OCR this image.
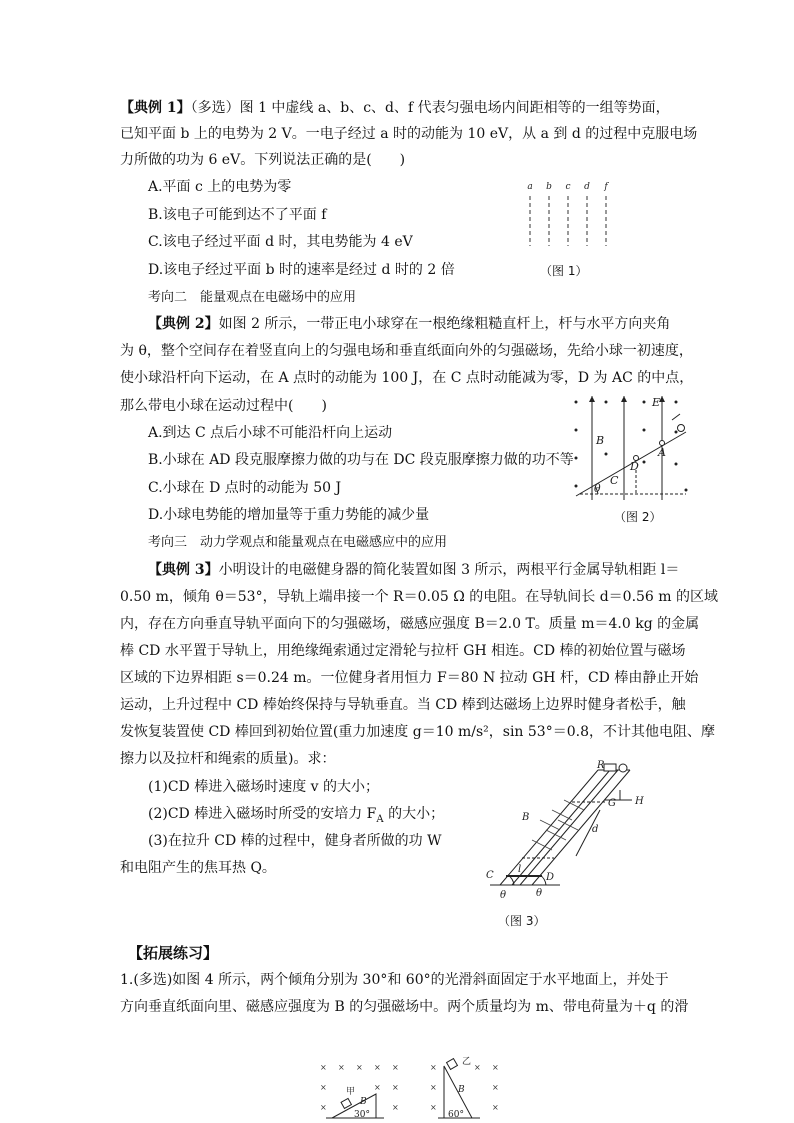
【典例 1】（多选）图 1 中虚线 a、b、c、d、f 代表匀强电场内间距相等的一组等势面，
已知平面 b 上的电势为 2 V。一电子经过 a 时的动能为 10 eV，从 a 到 d 的过程中克服电场
力所做的功为 6 eV。下列说法正确的是(　　)
A.平面 c 上的电势为零
B.该电子可能到达不了平面 f
C.该电子经过平面 d 时，其电势能为 4 eV
D.该电子经过平面 b 时的速率是经过 d 时的 2 倍
a b c d f
（图 1）
考向二　能量观点在电磁场中的应用
【典例 2】如图 2 所示，一带正电小球穿在一根绝缘粗糙直杆上，杆与水平方向夹角
为 θ，整个空间存在着竖直向上的匀强电场和垂直纸面向外的匀强磁场，先给小球一初速度，
使小球沿杆向下运动，在 A 点时的动能为 100 J，在 C 点时动能减为零，D 为 AC 的中点，
那么带电小球在运动过程中(　　)
A.到达 C 点后小球不可能沿杆向上运动
B.小球在 AD 段克服摩擦力做的功与在 DC 段克服摩擦力做的功不等
C.小球在 D 点时的动能为 50 J
D.小球电势能的增加量等于重力势能的减少量
B
E
A
C
D
θ
（图 2）
考向三　动力学观点和能量观点在电磁感应中的应用
【典例 3】小明设计的电磁健身器的简化装置如图 3 所示，两根平行金属导轨相距 l＝
0.50 m，倾角 θ＝53°，导轨上端串接一个 R＝0.05 Ω 的电阻。在导轨间长 d＝0.56 m 的区域
内，存在方向垂直导轨平面向下的匀强磁场，磁感应强度 B＝2.0 T。质量 m＝4.0 kg 的金属
棒 CD 水平置于导轨上，用绝缘绳索通过定滑轮与拉杆 GH 相连。CD 棒的初始位置与磁场
区域的下边界相距 s＝0.24 m。一位健身者用恒力 F＝80 N 拉动 GH 杆，CD 棒由静止开始
运动，上升过程中 CD 棒始终保持与导轨垂直。当 CD 棒到达磁场上边界时健身者松手，触
发恢复装置使 CD 棒回到初始位置(重力加速度 g＝10 m/s²，sin 53°＝0.8，不计其他电阻、摩
擦力以及拉杆和绳索的质量)。求：
(1)CD 棒进入磁场时速度 v 的大小；
(2)CD 棒进入磁场时所受的安培力 $F_A$ 的大小；
(3)在拉升 CD 棒的过程中，健身者所做的功 W
和电阻产生的焦耳热 Q。
R
G H
B
d
C	D
l
θ	θ
（图 3）
【拓展练习】
1.(多选)如图 4 所示，两个倾角分别为 30°和 60°的光滑斜面固定于水平地面上，并处于
方向垂直纸面向里、磁感应强度为 B 的匀强磁场中。两个质量均为 m、带电荷量为＋q 的滑
× × × × ×
×	× ×
×	×
×	× ×
×	×
×	×
甲
乙
B
B
30°	60°
